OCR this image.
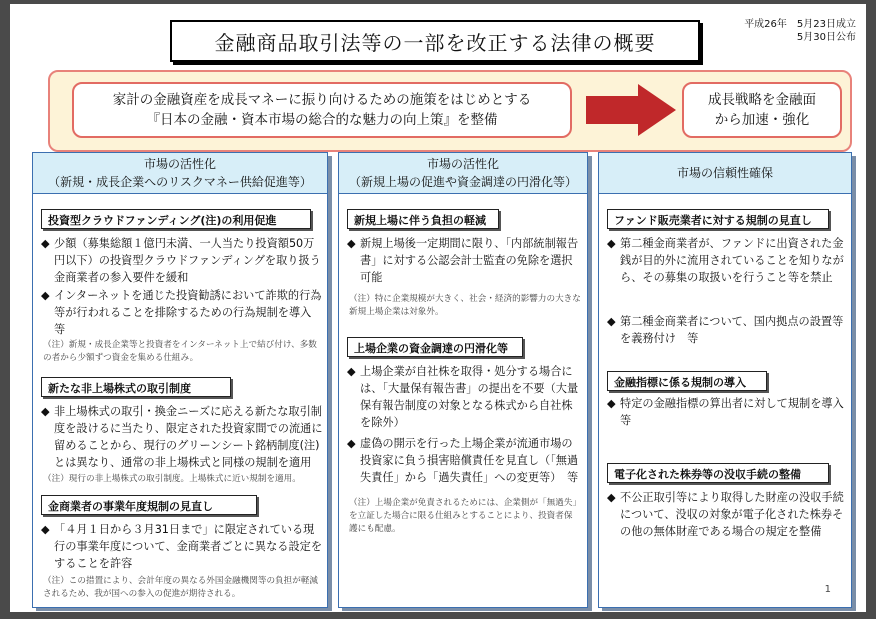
金融商品取引法等の一部を改正する法律の概要
平成26年　5月23日成立
5月30日公布
家計の金融資産を成長マネーに振り向けるための施策をはじめとする
『日本の金融・資本市場の総合的な魅力の向上策』を整備
成長戦略を金融面
から加速・強化
投資型クラウドファンディング(注)の利用促進
◆ 少額（募集総額１億円未満、一人当たり投資額50万円以下）の投資型クラウドファンディングを取り扱う金商業者の参入要件を緩和
◆ インターネットを通じた投資勧誘において詐欺的行為等が行われることを排除するための行為規制を導入　等
（注）新規・成長企業等と投資者をインターネット上で結び付け、多数の者から少額ずつ資金を集める仕組み。
新たな非上場株式の取引制度
◆ 非上場株式の取引・換金ニーズに応える新たな取引制度を設けるに当たり、限定された投資家間での流通に留めることから、現行のグリーンシート銘柄制度(注)とは異なり、通常の非上場株式と同様の規制を適用
（注）現行の非上場株式の取引制度。上場株式に近い規制を適用。
金商業者の事業年度規制の見直し
◆ 「４月１日から３月31日まで」に限定されている現行の事業年度について、金商業者ごとに異なる設定をすることを許容
（注）この措置により、会計年度の異なる外国金融機関等の負担が軽減されるため、我が国への参入の促進が期待される。
市場の活性化
（新規・成長企業へのリスクマネー供給促進等）
新規上場に伴う負担の軽減
◆ 新規上場後一定期間に限り、「内部統制報告書」に対する公認会計士監査の免除を選択可能
（注）特に企業規模が大きく、社会・経済的影響力の大きな新規上場企業は対象外。
上場企業の資金調達の円滑化等
◆ 上場企業が自社株を取得・処分する場合には、「大量保有報告書」の提出を不要（大量保有報告制度の対象となる株式から自社株を除外）
◆ 虚偽の開示を行った上場企業が流通市場の投資家に負う損害賠償責任を見直し（「無過失責任」から「過失責任」への変更等）　等
（注）上場企業が免責されるためには、企業側が「無過失」を立証した場合に限る仕組みとすることにより、投資者保護にも配慮。
市場の活性化
（新規上場の促進や資金調達の円滑化等）
ファンド販売業者に対する規制の見直し
◆ 第二種金商業者が、ファンドに出資された金銭が目的外に流用されていることを知りながら、その募集の取扱いを行うこと等を禁止
◆ 第二種金商業者について、国内拠点の設置等を義務付け　等
金融指標に係る規制の導入
◆ 特定の金融指標の算出者に対して規制を導入　等
電子化された株券等の没収手続の整備
◆ 不公正取引等により取得した財産の没収手続について、没収の対象が電子化された株券その他の無体財産である場合の規定を整備
1
市場の信頼性確保
